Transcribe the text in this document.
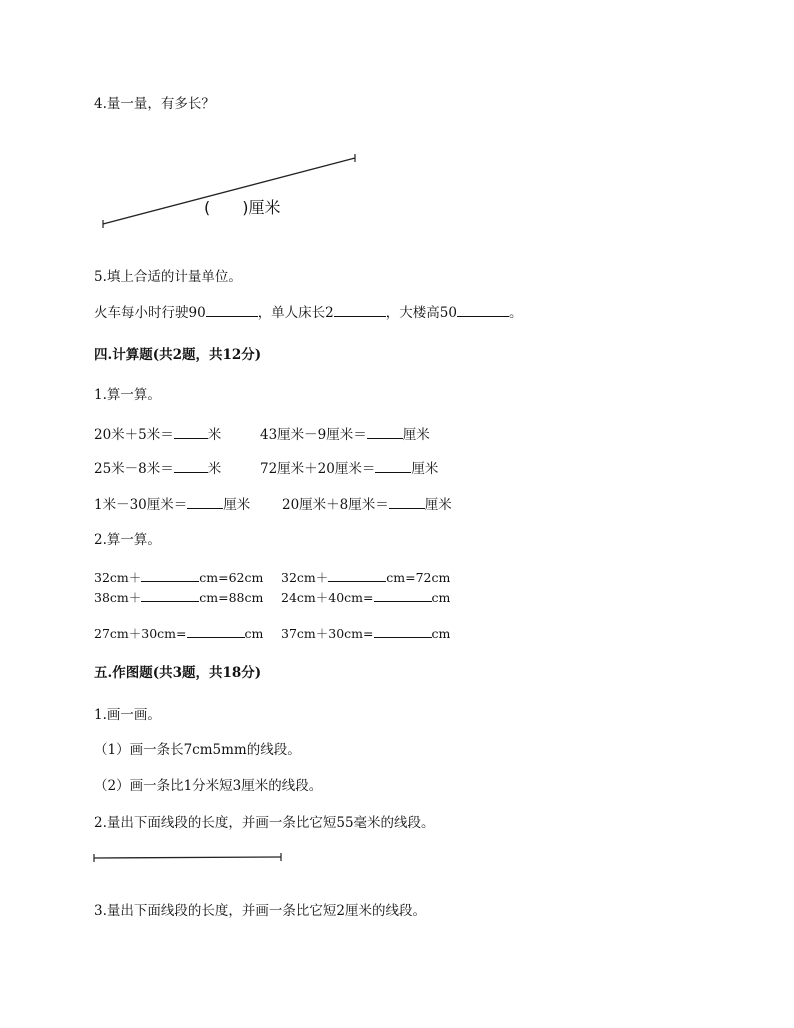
4.量一量，有多长？

( )厘米

5.填上合适的计量单位。

火车每小时行驶90	，单人床长2	，大楼高50	。

四.计算题(共2题，共12分)

1.算一算。

20米＋5米＝	米	43厘米－9厘米＝	厘米

25米－8米＝	米	72厘米＋20厘米＝	厘米

1米－30厘米＝	厘米 20厘米＋8厘米＝	厘米

2.算一算。

32cm＋	cm=62cm 32cm＋	cm=72cm

38cm＋	cm=88cm 24cm＋40cm=	cm

27cm＋30cm=	cm 37cm＋30cm=	cm

五.作图题(共3题，共18分)

1.画一画。

（1）画一条长7cm5mm的线段。

（2）画一条比1分米短3厘米的线段。

2.量出下面线段的长度，并画一条比它短55毫米的线段。

3.量出下面线段的长度，并画一条比它短2厘米的线段。
